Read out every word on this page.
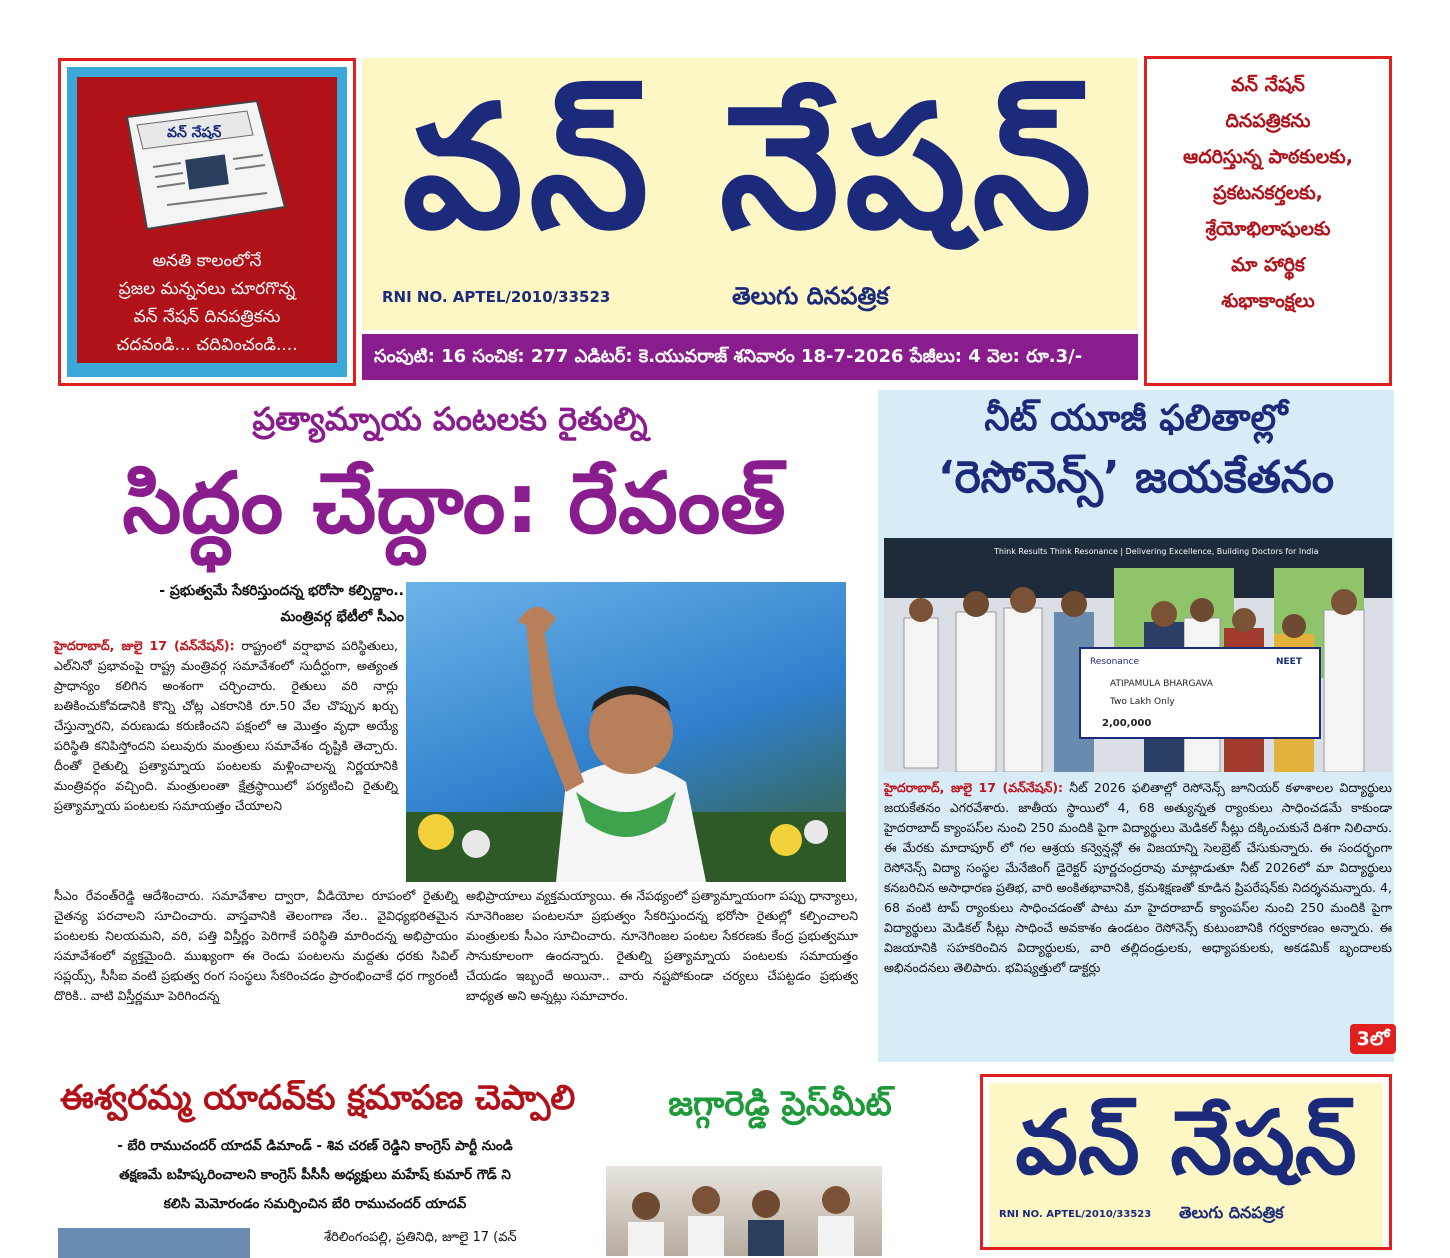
వన్ నేషన్
అనతి కాలంలోనే
ప్రజల మన్ననలు చూరగొన్న
వన్ నేషన్ దినపత్రికను
చదవండి... చదివించండి....
వన్ నేషన్
RNI NO. APTEL/2010/33523	తెలుగు దినపత్రిక
సంపుటి: 16 సంచిక: 277 ఎడిటర్: కె.యువరాజ్ శనివారం 18-7-2026 పేజీలు: 4 వెల: రూ.3/-
వన్ నేషన్
దినపత్రికను
ఆదరిస్తున్న పాఠకులకు,
ప్రకటనకర్తలకు,
శ్రేయోభిలాషులకు
మా హార్థిక
శుభాకాంక్షలు
ప్రత్యామ్నాయ పంటలకు రైతుల్ని
సిద్ధం చేద్దాం: రేవంత్
- ప్రభుత్వమే సేకరిస్తుందన్న భరోసా కల్పిద్దాం..
మంత్రివర్గ భేటీలో సీఎం
హైదరాబాద్, జులై 17 (వన్‌నేషన్): రాష్ట్రంలో వర్షాభావ పరిస్థితులు, ఎల్‌నినో ప్రభావంపై రాష్ట్ర మంత్రివర్గ సమావేశంలో సుదీర్ఘంగా, అత్యంత ప్రాధాన్యం కలిగిన అంశంగా చర్చించారు. రైతులు వరి నార్లు బతికించుకోవడానికి కొన్ని చోట్ల ఎకరానికి రూ.50 వేల చొప్పున ఖర్చు చేస్తున్నారని, వరుణుడు కరుణించని పక్షంలో ఆ మొత్తం వృధా అయ్యే పరిస్థితి కనిపిస్తోందని పలువురు మంత్రులు సమావేశం దృష్టికి తెచ్చారు. దీంతో రైతుల్ని ప్రత్యామ్నాయ పంటలకు మళ్లించాలన్న నిర్ణయానికి మంత్రివర్గం వచ్చింది. మంత్రులంతా క్షేత్రస్థాయిలో పర్యటించి రైతుల్ని ప్రత్యామ్నాయ పంటలకు సమాయత్తం చేయాలని
సీఎం రేవంత్‌రెడ్డి ఆదేశించారు. సమావేశాల ద్వారా, వీడియోల రూపంలో రైతుల్ని చైతన్య పరచాలని సూచించారు. వాస్తవానికి తెలంగాణ నేల.. వైవిధ్యభరితమైన పంటలకు నిలయమని, వరి, పత్తి విస్తీర్ణం పెరిగాకే పరిస్థితి మారిందన్న అభిప్రాయం సమావేశంలో వ్యక్తమైంది. ముఖ్యంగా ఈ రెండు పంటలను మద్దతు ధరకు సివిల్ సప్లయ్స్, సీసీఐ వంటి ప్రభుత్వ రంగ సంస్థలు సేకరించడం ప్రారంభించాకే ధర గ్యారంటీ దొరికి.. వాటి విస్తీర్ణమూ పెరిగిందన్న
అభిప్రాయాలు వ్యక్తమయ్యాయి. ఈ నేపథ్యంలో ప్రత్యామ్నాయంగా పప్పు ధాన్యాలు, నూనెగింజల పంటలనూ ప్రభుత్వం సేకరిస్తుందన్న భరోసా రైతుల్లో కల్పించాలని మంత్రులకు సీఎం సూచించారు. నూనెగింజల పంటల సేకరణకు కేంద్ర ప్రభుత్వమూ సానుకూలంగా ఉందన్నారు. రైతుల్ని ప్రత్యామ్నాయ పంటలకు సమాయత్తం చేయడం ఇబ్బందే అయినా.. వారు నష్టపోకుండా చర్యలు చేపట్టడం ప్రభుత్వ బాధ్యత అని అన్నట్లు సమాచారం.
నీట్ యూజీ ఫలితాల్లో
‘రెసోనెన్స్’ జయకేతనం
Think Results Think Resonance | Delivering Excellence, Building Doctors for India
Resonance	NEET
ATIPAMULA BHARGAVA
Two Lakh Only
2,00,000
హైదరాబాద్, జులై 17 (వన్‌నేషన్): నీట్ 2026 ఫలితాల్లో రెసోనెన్స్ జూనియర్ కళాశాలల విద్యార్థులు జయకేతనం ఎగరవేశారు. జాతీయ స్థాయిలో 4, 68 అత్యున్నత ర్యాంకులు సాధించడమే కాకుండా హైదరాబాద్ క్యాంపస్‌ల నుంచి 250 మందికి పైగా విద్యార్థులు మెడికల్ సీట్లు దక్కించుకునే దిశగా నిలిచారు. ఈ మేరకు మాదాపూర్ లో గల ఆశ్రయ కన్వెన్షన్లో ఈ విజయాన్ని సెలబ్రెట్ చేసుకున్నారు. ఈ సందర్భంగా రెసోనెన్స్ విద్యా సంస్థల మేనేజింగ్ డైరెక్టర్ పూర్ణచంద్రరావు మాట్లాడుతూ నీట్ 2026లో మా విద్యార్థులు కనబరిచిన అసాధారణ ప్రతిభ, వారి అంకితభావానికి, క్రమశిక్షణతో కూడిన ప్రిపరేషన్‌కు నిదర్శనమన్నారు. 4, 68 వంటి టాప్ ర్యాంకులు సాధించడంతో పాటు మా హైదరాబాద్ క్యాంపస్‌ల నుంచి 250 మందికి పైగా విద్యార్థులు మెడికల్ సీట్లు సాధించే అవకాశం ఉండటం రెసోనెన్స్ కుటుంబానికి గర్వకారణం అన్నారు. ఈ విజయానికి సహకరించిన విద్యార్థులకు, వారి తల్లిదండ్రులకు, అధ్యాపకులకు, అకడమిక్ బృందాలకు అభినందనలు తెలిపారు. భవిష్యత్తులో డాక్టర్లు
3లో
ఈశ్వరమ్మ యాదవ్‌కు క్షమాపణ చెప్పాలి
- బేరి రాముచందర్ యాదవ్ డిమాండ్ - శివ చరణ్ రెడ్డిని కాంగ్రెస్ పార్టీ నుండి
తక్షణమే బహిష్కరించాలని కాంగ్రెస్ పీసీసీ అధ్యక్షులు మహేష్ కుమార్ గౌడ్ ని
కలిసి మెమోరండం సమర్పించిన బేరి రాముచందర్ యాదవ్
శేరిలింగంపల్లి, ప్రతినిధి, జూలై 17 (వన్
జగ్గారెడ్డి ప్రెస్‌మీట్	వన్ నేషన్
RNI NO. APTEL/2010/33523 తెలుగు దినపత్రిక
